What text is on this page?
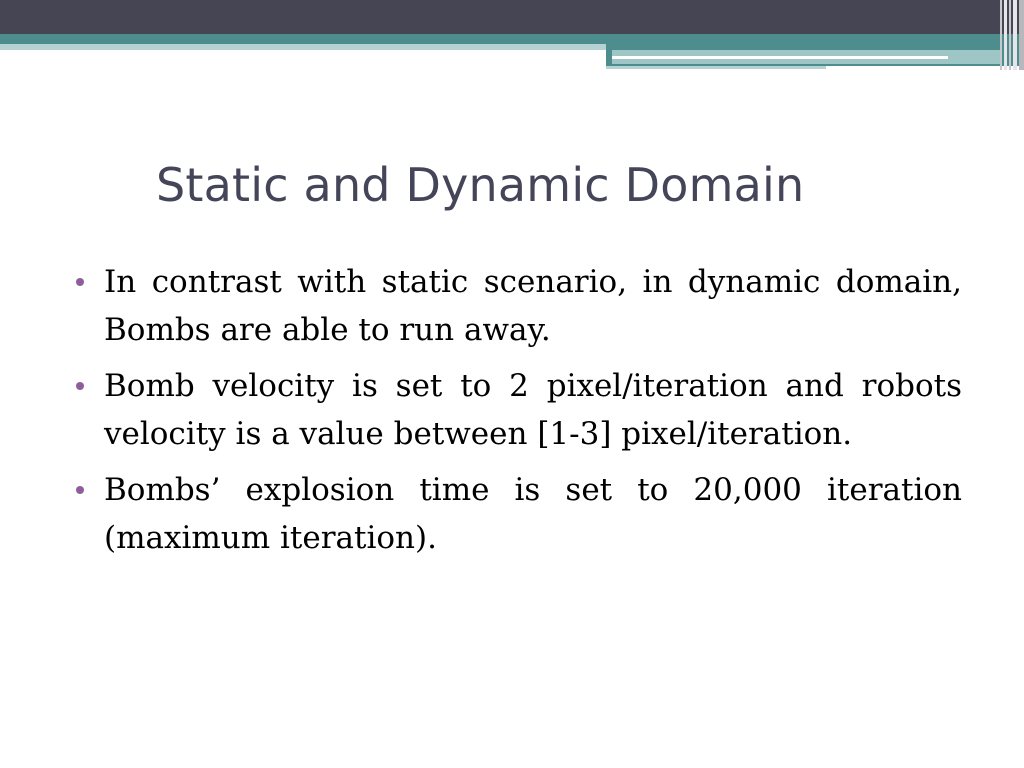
Static and Dynamic Domain
In contrast with static scenario, in dynamic domain, Bombs are able to run away.
Bomb velocity is set to 2 pixel/iteration and robots velocity is a value between [1-3] pixel/iteration.
Bombs’ explosion time is set to 20,000 iteration (maximum iteration).
